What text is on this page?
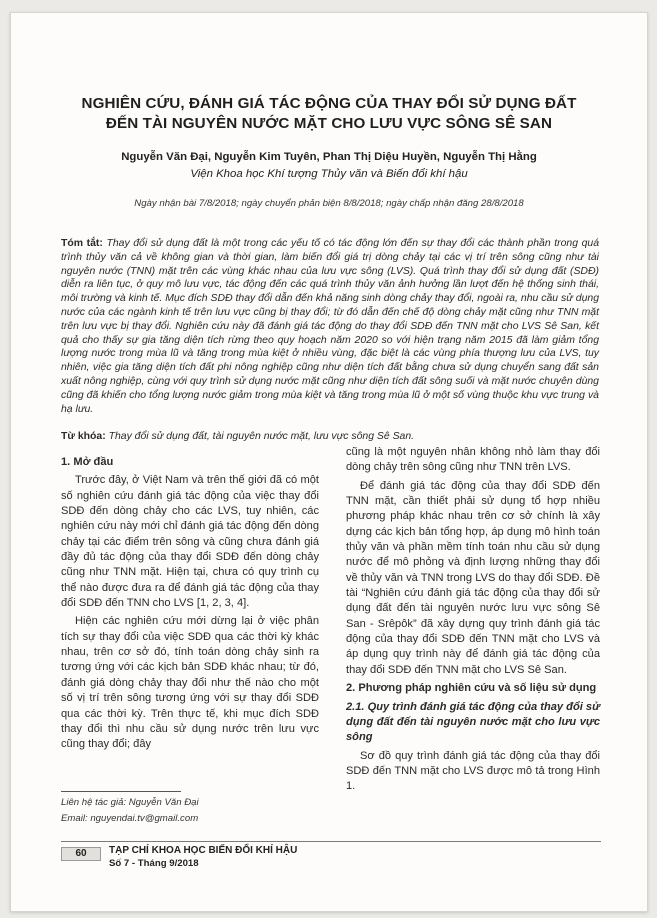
NGHIÊN CỨU, ĐÁNH GIÁ TÁC ĐỘNG CỦA THAY ĐỔI SỬ DỤNG ĐẤT
ĐẾN TÀI NGUYÊN NƯỚC MẶT CHO LƯU VỰC SÔNG SÊ SAN
Nguyễn Văn Đại, Nguyễn Kim Tuyên, Phan Thị Diệu Huyền, Nguyễn Thị Hằng
Viện Khoa học Khí tượng Thủy văn và Biến đổi khí hậu
Ngày nhận bài 7/8/2018; ngày chuyển phản biện 8/8/2018; ngày chấp nhận đăng 28/8/2018
Tóm tắt: Thay đổi sử dụng đất là một trong các yếu tố có tác động lớn đến sự thay đổi các thành phần trong quá trình thủy văn cả về không gian và thời gian, làm biến đổi giá trị dòng chảy tại các vị trí trên sông cũng như tài nguyên nước (TNN) mặt trên các vùng khác nhau của lưu vực sông (LVS). Quá trình thay đổi sử dụng đất (SDĐ) diễn ra liên tục, ở quy mô lưu vực, tác động đến các quá trình thủy văn ảnh hưởng lần lượt đến hệ thống sinh thái, môi trường và kinh tế. Mục đích SDĐ thay đổi dẫn đến khả năng sinh dòng chảy thay đổi, ngoài ra, nhu cầu sử dụng nước của các ngành kinh tế trên lưu vực cũng bị thay đổi; từ đó dẫn đến chế độ dòng chảy mặt cũng như TNN mặt trên lưu vực bị thay đổi. Nghiên cứu này đã đánh giá tác động do thay đổi SDĐ đến TNN mặt cho LVS Sê San, kết quả cho thấy sự gia tăng diện tích rừng theo quy hoạch năm 2020 so với hiện trạng năm 2015 đã làm giảm tổng lượng nước trong mùa lũ và tăng trong mùa kiệt ở nhiều vùng, đặc biệt là các vùng phía thượng lưu của LVS, tuy nhiên, việc gia tăng diện tích đất phi nông nghiệp cũng như diện tích đất bằng chưa sử dụng chuyển sang đất sản xuất nông nghiệp, cùng với quy trình sử dụng nước mặt cũng như diện tích đất sông suối và mặt nước chuyên dùng cũng đã khiến cho tổng lượng nước giảm trong mùa kiệt và tăng trong mùa lũ ở một số vùng thuộc khu vực trung và hạ lưu.
Từ khóa: Thay đổi sử dụng đất, tài nguyên nước mặt, lưu vực sông Sê San.

1. Mở đầu

Trước đây, ở Việt Nam và trên thế giới đã có một số nghiên cứu đánh giá tác động của việc thay đổi SDĐ đến dòng chảy cho các LVS, tuy nhiên, các nghiên cứu này mới chỉ đánh giá tác động đến dòng chảy tại các điểm trên sông và cũng chưa đánh giá đầy đủ tác động của thay đổi SDĐ đến dòng chảy cũng như TNN mặt. Hiện tại, chưa có quy trình cụ thể nào được đưa ra để đánh giá tác động của thay đổi SDĐ đến TNN cho LVS [1, 2, 3, 4].

Hiện các nghiên cứu mới dừng lại ở việc phân tích sự thay đổi của việc SDĐ qua các thời kỳ khác nhau, trên cơ sở đó, tính toán dòng chảy sinh ra tương ứng với các kịch bản SDĐ khác nhau; từ đó, đánh giá dòng chảy thay đổi như thế nào cho một số vị trí trên sông tương ứng với sự thay đổi SDĐ qua các thời kỳ. Trên thực tế, khi mục đích SDĐ thay đổi thì nhu cầu sử dụng nước trên lưu vực cũng thay đổi; đây

Liên hệ tác giả: Nguyễn Văn Đại
Email: nguyendai.tv@gmail.com

cũng là một nguyên nhân không nhỏ làm thay đổi dòng chảy trên sông cũng như TNN trên LVS.

Để đánh giá tác động của thay đổi SDĐ đến TNN mặt, cần thiết phải sử dụng tổ hợp nhiều phương pháp khác nhau trên cơ sở chính là xây dựng các kịch bản tổng hợp, áp dụng mô hình toán thủy văn và phần mềm tính toán nhu cầu sử dụng nước để mô phỏng và định lượng những thay đổi về thủy văn và TNN trong LVS do thay đổi SDĐ. Đề tài “Nghiên cứu đánh giá tác động của thay đổi sử dụng đất đến tài nguyên nước lưu vực sông Sê San - Srêpôk” đã xây dựng quy trình đánh giá tác động của thay đổi SDĐ đến TNN mặt cho LVS và áp dụng quy trình này để đánh giá tác động của thay đổi SDĐ đến TNN mặt cho LVS Sê San.

2. Phương pháp nghiên cứu và số liệu sử dụng

2.1. Quy trình đánh giá tác động của thay đổi sử dụng đất đến tài nguyên nước mặt cho lưu vực sông

Sơ đồ quy trình đánh giá tác động của thay đổi SDĐ đến TNN mặt cho LVS được mô tả trong Hình 1.

60	TẠP CHÍ KHOA HỌC BIẾN ĐỔI KHÍ HẬU
Số 7 - Tháng 9/2018
